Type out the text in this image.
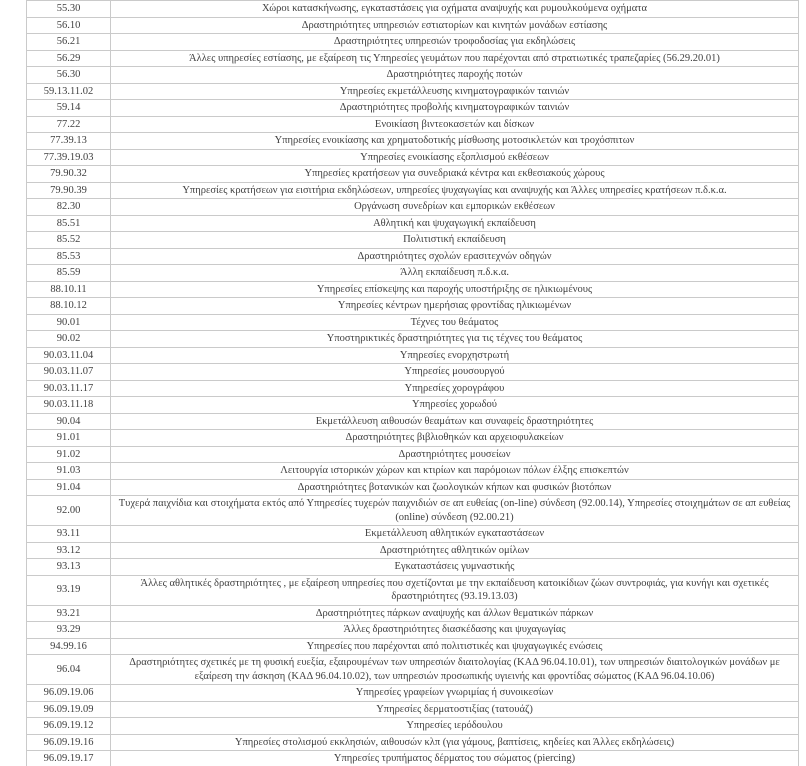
55.30	Χώροι κατασκήνωσης, εγκαταστάσεις για οχήματα αναψυχής και ρυμουλκούμενα οχήματα
56.10	Δραστηριότητες υπηρεσιών εστιατορίων και κινητών μονάδων εστίασης
56.21	Δραστηριότητες υπηρεσιών τροφοδοσίας για εκδηλώσεις
56.29	Άλλες υπηρεσίες εστίασης, με εξαίρεση τις Υπηρεσίες γευμάτων που παρέχονται από στρατιωτικές τραπεζαρίες (56.29.20.01)
56.30	Δραστηριότητες παροχής ποτών
59.13.11.02	Υπηρεσίες εκμετάλλευσης κινηματογραφικών ταινιών
59.14	Δραστηριότητες προβολής κινηματογραφικών ταινιών
77.22	Ενοικίαση βιντεοκασετών και δίσκων
77.39.13	Υπηρεσίες ενοικίασης και χρηματοδοτικής μίσθωσης μοτοσικλετών και τροχόσπιτων
77.39.19.03	Υπηρεσίες ενοικίασης εξοπλισμού εκθέσεων
79.90.32	Υπηρεσίες κρατήσεων για συνεδριακά κέντρα και εκθεσιακούς χώρους
79.90.39	Υπηρεσίες κρατήσεων για εισιτήρια εκδηλώσεων, υπηρεσίες ψυχαγωγίας και αναψυχής και Άλλες υπηρεσίες κρατήσεων π.δ.κ.α.
82.30	Οργάνωση συνεδρίων και εμπορικών εκθέσεων
85.51	Αθλητική και ψυχαγωγική εκπαίδευση
85.52	Πολιτιστική εκπαίδευση
85.53	Δραστηριότητες σχολών ερασιτεχνών οδηγών
85.59	Άλλη εκπαίδευση π.δ.κ.α.
88.10.11	Υπηρεσίες επίσκεψης και παροχής υποστήριξης σε ηλικιωμένους
88.10.12	Υπηρεσίες κέντρων ημερήσιας φροντίδας ηλικιωμένων
90.01	Τέχνες του θεάματος
90.02	Υποστηρικτικές δραστηριότητες για τις τέχνες του θεάματος
90.03.11.04	Υπηρεσίες ενορχηστρωτή
90.03.11.07	Υπηρεσίες μουσουργού
90.03.11.17	Υπηρεσίες χορογράφου
90.03.11.18	Υπηρεσίες χορωδού
90.04	Εκμετάλλευση αιθουσών θεαμάτων και συναφείς δραστηριότητες
91.01	Δραστηριότητες βιβλιοθηκών και αρχειοφυλακείων
91.02	Δραστηριότητες μουσείων
91.03	Λειτουργία ιστορικών χώρων και κτιρίων και παρόμοιων πόλων έλξης επισκεπτών
91.04	Δραστηριότητες βοτανικών και ζωολογικών κήπων και φυσικών βιοτόπων
92.00	Τυχερά παιχνίδια και στοιχήματα εκτός από Υπηρεσίες τυχερών παιχνιδιών σε απ ευθείας (on-line) σύνδεση (92.00.14), Υπηρεσίες στοιχημάτων σε απ ευθείας (online) σύνδεση (92.00.21)
93.11	Εκμετάλλευση αθλητικών εγκαταστάσεων
93.12	Δραστηριότητες αθλητικών ομίλων
93.13	Εγκαταστάσεις γυμναστικής
93.19	Άλλες αθλητικές δραστηριότητες , με εξαίρεση υπηρεσίες που σχετίζονται με την εκπαίδευση κατοικίδιων ζώων συντροφιάς, για κυνήγι και σχετικές δραστηριότητες (93.19.13.03)
93.21	Δραστηριότητες πάρκων αναψυχής και άλλων θεματικών πάρκων
93.29	Άλλες δραστηριότητες διασκέδασης και ψυχαγωγίας
94.99.16	Υπηρεσίες που παρέχονται από πολιτιστικές και ψυχαγωγικές ενώσεις
96.04	Δραστηριότητες σχετικές με τη φυσική ευεξία, εξαιρουμένων των υπηρεσιών διαιτολογίας (ΚΑΔ 96.04.10.01), των υπηρεσιών διαιτολογικών μονάδων με εξαίρεση την άσκηση (ΚΑΔ 96.04.10.02), των υπηρεσιών προσωπικής υγιεινής και φροντίδας σώματος (ΚΑΔ 96.04.10.06)
96.09.19.06	Υπηρεσίες γραφείων γνωριμίας ή συνοικεσίων
96.09.19.09	Υπηρεσίες δερματοστιξίας (τατουάζ)
96.09.19.12	Υπηρεσίες ιερόδουλου
96.09.19.16	Υπηρεσίες στολισμού εκκλησιών, αιθουσών κλπ (για γάμους, βαπτίσεις, κηδείες και Άλλες εκδηλώσεις)
96.09.19.17	Υπηρεσίες τρυπήματος δέρματος του σώματος (piercing)
